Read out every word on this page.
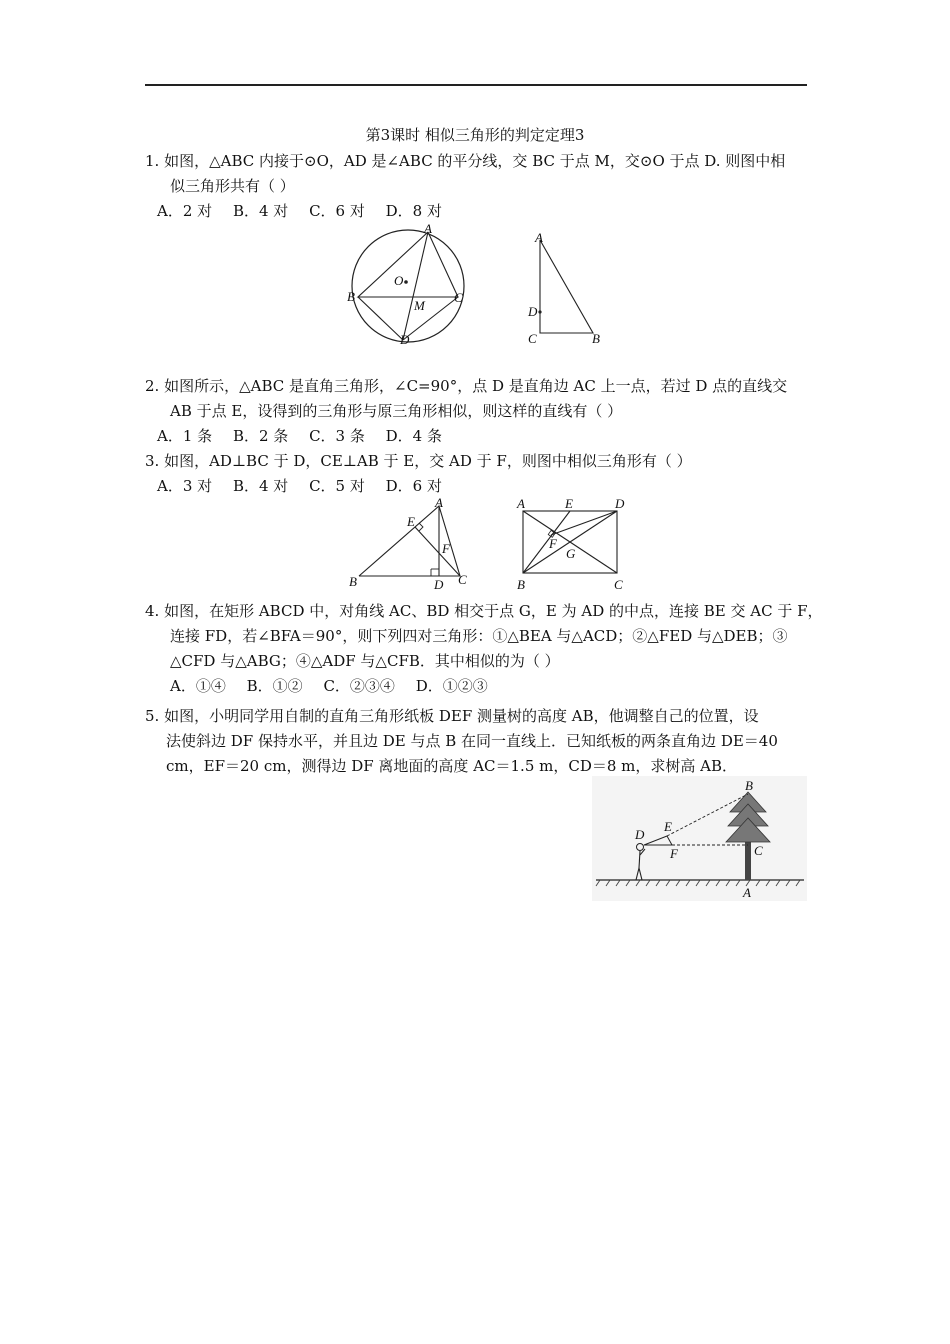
第3课时 相似三角形的判定定理3
1. 如图，△ABC 内接于⊙O，AD 是∠ABC 的平分线，交 BC 于点 M，交⊙O 于点 D. 则图中相
似三角形共有（ ）
A．2 对 B．4 对 C．6 对 D．8 对
A
O
B
M
C
D
A
D
C	B
2. 如图所示，△ABC 是直角三角形，∠C=90°，点 D 是直角边 AC 上一点，若过 D 点的直线交
AB 于点 E，设得到的三角形与原三角形相似，则这样的直线有（ ）
A．1 条 B．2 条 C．3 条 D．4 条
3. 如图，AD⊥BC 于 D，CE⊥AB 于 E，交 AD 于 F，则图中相似三角形有（ ）
A．3 对 B．4 对 C．5 对 D．6 对
A
E
F
B	D C
A	E	D
F
G
B	C
4. 如图，在矩形 ABCD 中，对角线 AC、BD 相交于点 G，E 为 AD 的中点，连接 BE 交 AC 于 F，
连接 FD，若∠BFA＝90°，则下列四对三角形：①△BEA 与△ACD；②△FED 与△DEB；③
△CFD 与△ABG；④△ADF 与△CFB．其中相似的为（ ）
A．①④ B．①② C．②③④ D．①②③
5. 如图，小明同学用自制的直角三角形纸板 DEF 测量树的高度 AB，他调整自己的位置，设
法使斜边 DF 保持水平，并且边 DE 与点 B 在同一直线上．已知纸板的两条直角边 DE＝40
cm，EF＝20 cm，测得边 DF 离地面的高度 AC＝1.5 m，CD＝8 m，求树高 AB．
B
D
E
F	C
A
